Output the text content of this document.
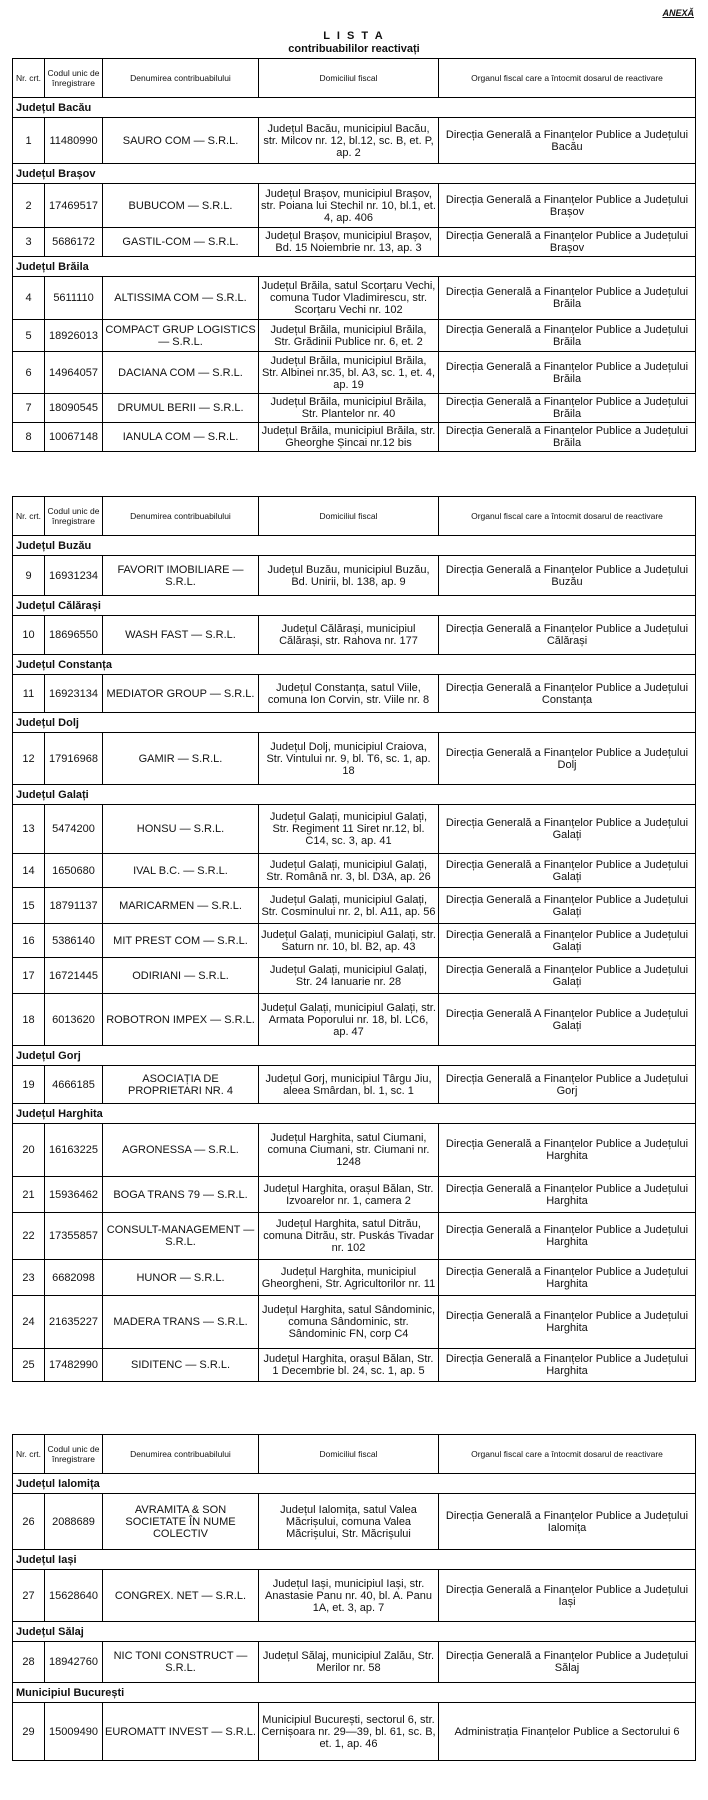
ANEXĂ
L I S T A
contribuabililor reactivați
Nr. crt.	Codul unic de înregistrare	Denumirea contribuabilului	Domiciliul fiscal	Organul fiscal care a întocmit dosarul de reactivare
Județul Bacău				
1	11480990	SAURO COM — S.R.L.	Județul Bacău, municipiul Bacău, str. Milcov nr. 12, bl.12, sc. B, et. P, ap. 2	Direcția Generală a Finanțelor Publice a Județului Bacău
Județul Brașov				
2	17469517	BUBUCOM — S.R.L.	Județul Brașov, municipiul Brașov, str. Poiana lui Stechil nr. 10, bl.1, et. 4, ap. 406	Direcția Generală a Finanțelor Publice a Județului Brașov
3	5686172	GASTIL-COM — S.R.L.	Județul Brașov, municipiul Brașov, Bd. 15 Noiembrie nr. 13, ap. 3	Direcția Generală a Finanțelor Publice a Județului Brașov
Județul Brăila				
4	5611110	ALTISSIMA COM — S.R.L.	Județul Brăila, satul Scorțaru Vechi, comuna Tudor Vladimirescu, str. Scorțaru Vechi nr. 102	Direcția Generală a Finanțelor Publice a Județului Brăila
5	18926013	COMPACT GRUP LOGISTICS — S.R.L.	Județul Brăila, municipiul Brăila, Str. Grădinii Publice nr. 6, et. 2	Direcția Generală a Finanțelor Publice a Județului Brăila
6	14964057	DACIANA COM — S.R.L.	Județul Brăila, municipiul Brăila, Str. Albinei nr.35, bl. A3, sc. 1, et. 4, ap. 19	Direcția Generală a Finanțelor Publice a Județului Brăila
7	18090545	DRUMUL BERII — S.R.L.	Județul Brăila, municipiul Brăila, Str. Plantelor nr. 40	Direcția Generală a Finanțelor Publice a Județului Brăila
8	10067148	IANULA COM — S.R.L.	Județul Brăila, municipiul Brăila, str. Gheorghe Șincai nr.12 bis	Direcția Generală a Finanțelor Publice a Județului Brăila
Nr. crt.	Codul unic de înregistrare	Denumirea contribuabilului	Domiciliul fiscal	Organul fiscal care a întocmit dosarul de reactivare
Județul Buzău				
9	16931234	FAVORIT IMOBILIARE — S.R.L.	Județul Buzău, municipiul Buzău, Bd. Unirii, bl. 138, ap. 9	Direcția Generală a Finanțelor Publice a Județului Buzău
Județul Călărași				
10	18696550	WASH FAST — S.R.L.	Județul Călărași, municipiul Călărași, str. Rahova nr. 177	Direcția Generală a Finanțelor Publice a Județului Călărași
Județul Constanța				
11	16923134	MEDIATOR GROUP — S.R.L.	Județul Constanța, satul Viile, comuna Ion Corvin, str. Viile nr. 8	Direcția Generală a Finanțelor Publice a Județului Constanța
Județul Dolj				
12	17916968	GAMIR — S.R.L.	Județul Dolj, municipiul Craiova, Str. Vintului nr. 9, bl. T6, sc. 1, ap. 18	Direcția Generală a Finanțelor Publice a Județului Dolj
Județul Galați				
13	5474200	HONSU — S.R.L.	Județul Galați, municipiul Galați, Str. Regiment 11 Siret nr.12, bl. C14, sc. 3, ap. 41	Direcția Generală a Finanțelor Publice a Județului Galați
14	1650680	IVAL B.C. — S.R.L.	Județul Galați, municipiul Galați, Str. Română nr. 3, bl. D3A, ap. 26	Direcția Generală a Finanțelor Publice a Județului Galați
15	18791137	MARICARMEN — S.R.L.	Județul Galați, municipiul Galați, Str. Cosminului nr. 2, bl. A11, ap. 56	Direcția Generală a Finanțelor Publice a Județului Galați
16	5386140	MIT PREST COM — S.R.L.	Județul Galați, municipiul Galați, str. Saturn nr. 10, bl. B2, ap. 43	Direcția Generală a Finanțelor Publice a Județului Galați
17	16721445	ODIRIANI — S.R.L.	Județul Galați, municipiul Galați, Str. 24 Ianuarie nr. 28	Direcția Generală a Finanțelor Publice a Județului Galați
18	6013620	ROBOTRON IMPEX — S.R.L.	Județul Galați, municipiul Galați, str. Armata Poporului nr. 18, bl. LC6, ap. 47	Direcția Generală A Finanțelor Publice a Județului Galați
Județul Gorj				
19	4666185	ASOCIAȚIA DE PROPRIETARI NR. 4	Județul Gorj, municipiul Târgu Jiu, aleea Smârdan, bl. 1, sc. 1	Direcția Generală a Finanțelor Publice a Județului Gorj
Județul Harghita				
20	16163225	AGRONESSA — S.R.L.	Județul Harghita, satul Ciumani, comuna Ciumani, str. Ciumani nr. 1248	Direcția Generală a Finanțelor Publice a Județului Harghita
21	15936462	BOGA TRANS 79 — S.R.L.	Județul Harghita, orașul Bălan, Str. Izvoarelor nr. 1, camera 2	Direcția Generală a Finanțelor Publice a Județului Harghita
22	17355857	CONSULT-MANAGEMENT — S.R.L.	Județul Harghita, satul Ditrău, comuna Ditrău, str. Puskás Tivadar nr. 102	Direcția Generală a Finanțelor Publice a Județului Harghita
23	6682098	HUNOR — S.R.L.	Județul Harghita, municipiul Gheorgheni, Str. Agricultorilor nr. 11	Direcția Generală a Finanțelor Publice a Județului Harghita
24	21635227	MADERA TRANS — S.R.L.	Județul Harghita, satul Sândominic, comuna Sândominic, str. Sândominic FN, corp C4	Direcția Generală a Finanțelor Publice a Județului Harghita
25	17482990	SIDITENC — S.R.L.	Județul Harghita, orașul Bălan, Str. 1 Decembrie bl. 24, sc. 1, ap. 5	Direcția Generală a Finanțelor Publice a Județului Harghita
Nr. crt.	Codul unic de înregistrare	Denumirea contribuabilului	Domiciliul fiscal	Organul fiscal care a întocmit dosarul de reactivare
Județul Ialomița				
26	2088689	AVRAMITA & SON SOCIETATE ÎN NUME COLECTIV	Județul Ialomița, satul Valea Măcrișului, comuna Valea Măcrișului, Str. Măcrișului	Direcția Generală a Finanțelor Publice a Județului Ialomița
Județul Iași				
27	15628640	CONGREX. NET — S.R.L.	Județul Iași, municipiul Iași, str. Anastasie Panu nr. 40, bl. A. Panu 1A, et. 3, ap. 7	Direcția Generală a Finanțelor Publice a Județului Iași
Județul Sălaj				
28	18942760	NIC TONI CONSTRUCT — S.R.L.	Județul Sălaj, municipiul Zalău, Str. Merilor nr. 58	Direcția Generală a Finanțelor Publice a Județului Sălaj
Municipiul București				
29	15009490	EUROMATT INVEST — S.R.L.	Municipiul București, sectorul 6, str. Cernișoara nr. 29—39, bl. 61, sc. B, et. 1, ap. 46	Administrația Finanțelor Publice a Sectorului 6
